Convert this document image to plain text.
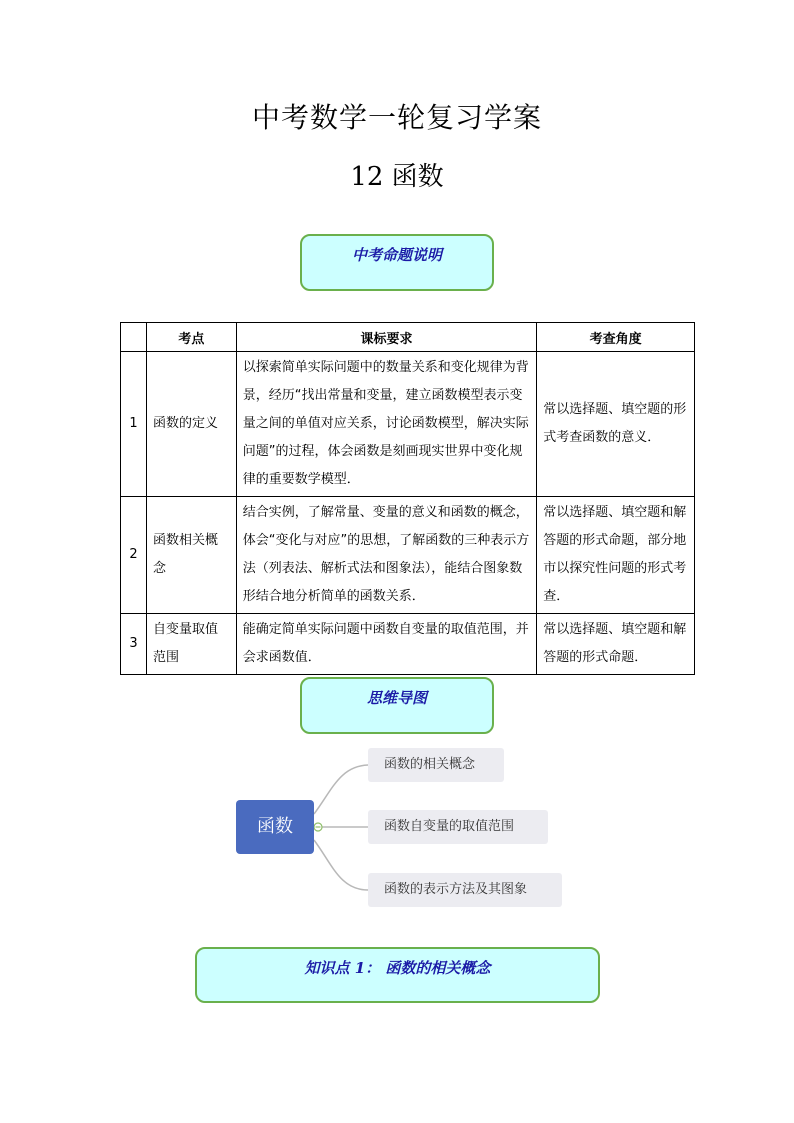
中考数学一轮复习学案
12 函数
中考命题说明
	考点	课标要求	考查角度
1	函数的定义	以探索简单实际问题中的数量关系和变化规律为背景，经历“找出常量和变量，建立函数模型表示变量之间的单值对应关系，讨论函数模型，解决实际问题”的过程，体会函数是刻画现实世界中变化规律的重要数学模型．	常以选择题、填空题的形式考查函数的意义．
2	函数相关概念	结合实例，了解常量、变量的意义和函数的概念，体会“变化与对应”的思想，了解函数的三种表示方法（列表法、解析式法和图象法），能结合图象数形结合地分析简单的函数关系．	常以选择题、填空题和解答题的形式命题，部分地市以探究性问题的形式考查．
3	自变量取值范围	能确定简单实际问题中函数自变量的取值范围，并会求函数值．	常以选择题、填空题和解答题的形式命题．
思维导图
函数
函数的相关概念
函数自变量的取值范围
函数的表示方法及其图象
知识点 1： 函数的相关概念
